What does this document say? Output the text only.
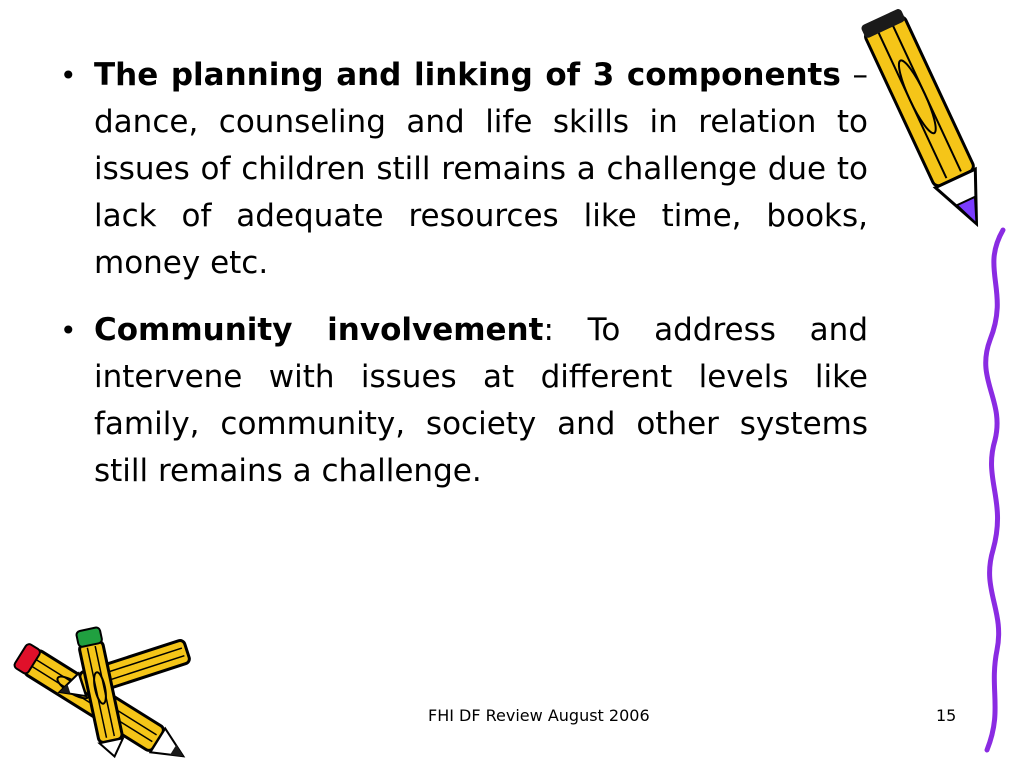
• The planning and linking of 3 components – dance, counseling and life skills in relation to issues of children still remains a challenge due to lack of adequate resources like time, books, money etc.
• Community involvement: To address and intervene with issues at different levels like family, community, society and other systems still remains a challenge.
FHI DF Review August 2006	15
